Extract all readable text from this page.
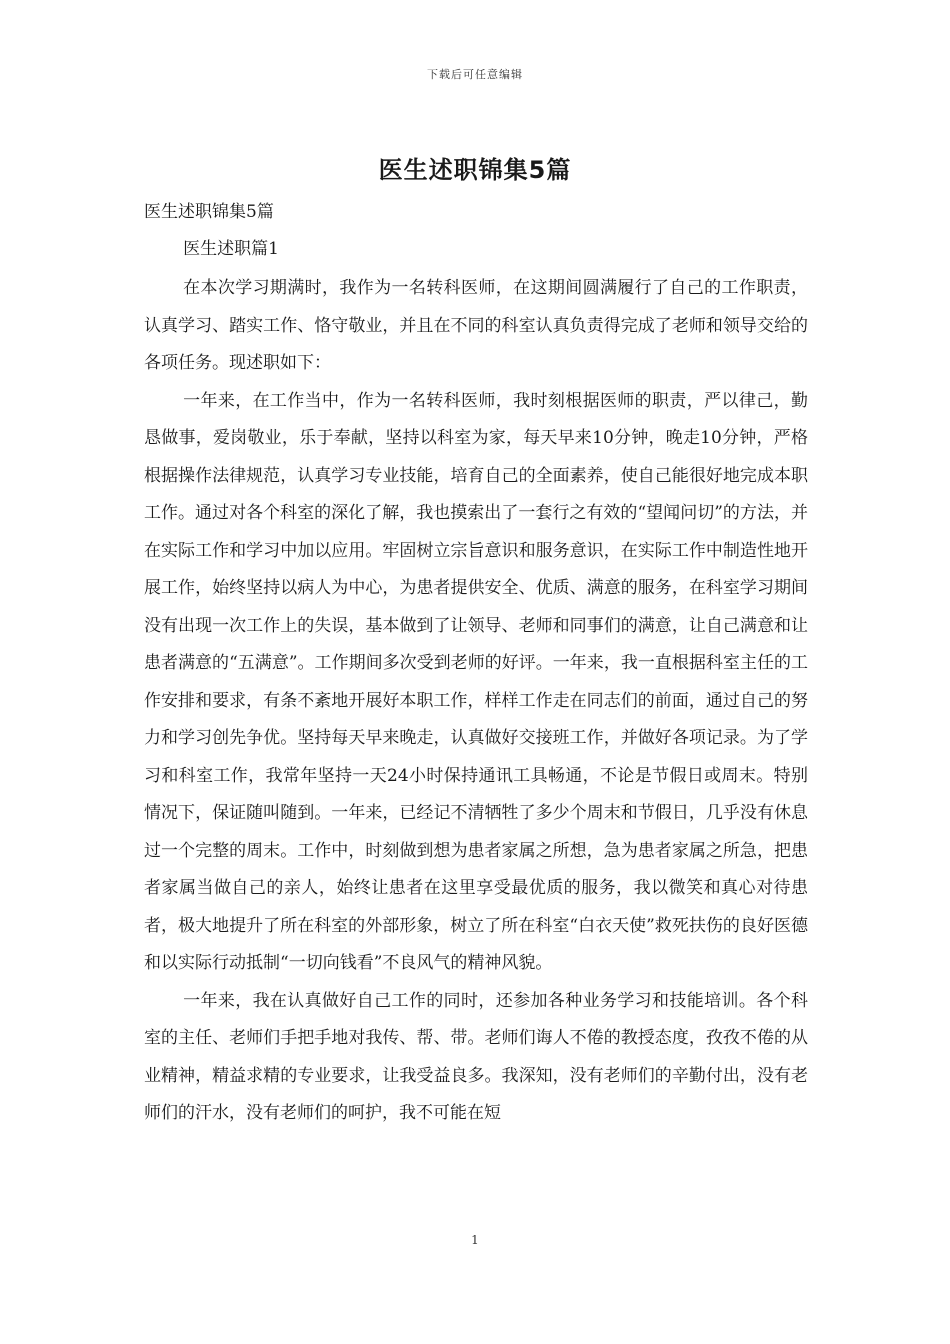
下载后可任意编辑
医生述职锦集5篇

医生述职锦集5篇

医生述职篇1

在本次学习期满时，我作为一名转科医师，在这期间圆满履行了自己的工作职责，认真学习、踏实工作、恪守敬业，并且在不同的科室认真负责得完成了老师和领导交给的各项任务。现述职如下：

一年来，在工作当中，作为一名转科医师，我时刻根据医师的职责，严以律己，勤恳做事，爱岗敬业，乐于奉献，坚持以科室为家，每天早来10分钟，晚走10分钟，严格根据操作法律规范，认真学习专业技能，培育自己的全面素养，使自己能很好地完成本职工作。通过对各个科室的深化了解，我也摸索出了一套行之有效的“望闻问切”的方法，并在实际工作和学习中加以应用。牢固树立宗旨意识和服务意识，在实际工作中制造性地开展工作，始终坚持以病人为中心，为患者提供安全、优质、满意的服务，在科室学习期间没有出现一次工作上的失误，基本做到了让领导、老师和同事们的满意，让自己满意和让患者满意的“五满意”。工作期间多次受到老师的好评。一年来，我一直根据科室主任的工作安排和要求，有条不紊地开展好本职工作，样样工作走在同志们的前面，通过自己的努力和学习创先争优。坚持每天早来晚走，认真做好交接班工作，并做好各项记录。为了学习和科室工作，我常年坚持一天24小时保持通讯工具畅通，不论是节假日或周末。特别情况下，保证随叫随到。一年来，已经记不清牺牲了多少个周末和节假日，几乎没有休息过一个完整的周末。工作中，时刻做到想为患者家属之所想，急为患者家属之所急，把患者家属当做自己的亲人，始终让患者在这里享受最优质的服务，我以微笑和真心对待患者，极大地提升了所在科室的外部形象，树立了所在科室“白衣天使”救死扶伤的良好医德和以实际行动抵制“一切向钱看”不良风气的精神风貌。

一年来，我在认真做好自己工作的同时，还参加各种业务学习和技能培训。各个科室的主任、老师们手把手地对我传、帮、带。老师们诲人不倦的教授态度，孜孜不倦的从业精神，精益求精的专业要求，让我受益良多。我深知，没有老师们的辛勤付出，没有老师们的汗水，没有老师们的呵护，我不可能在短

1
